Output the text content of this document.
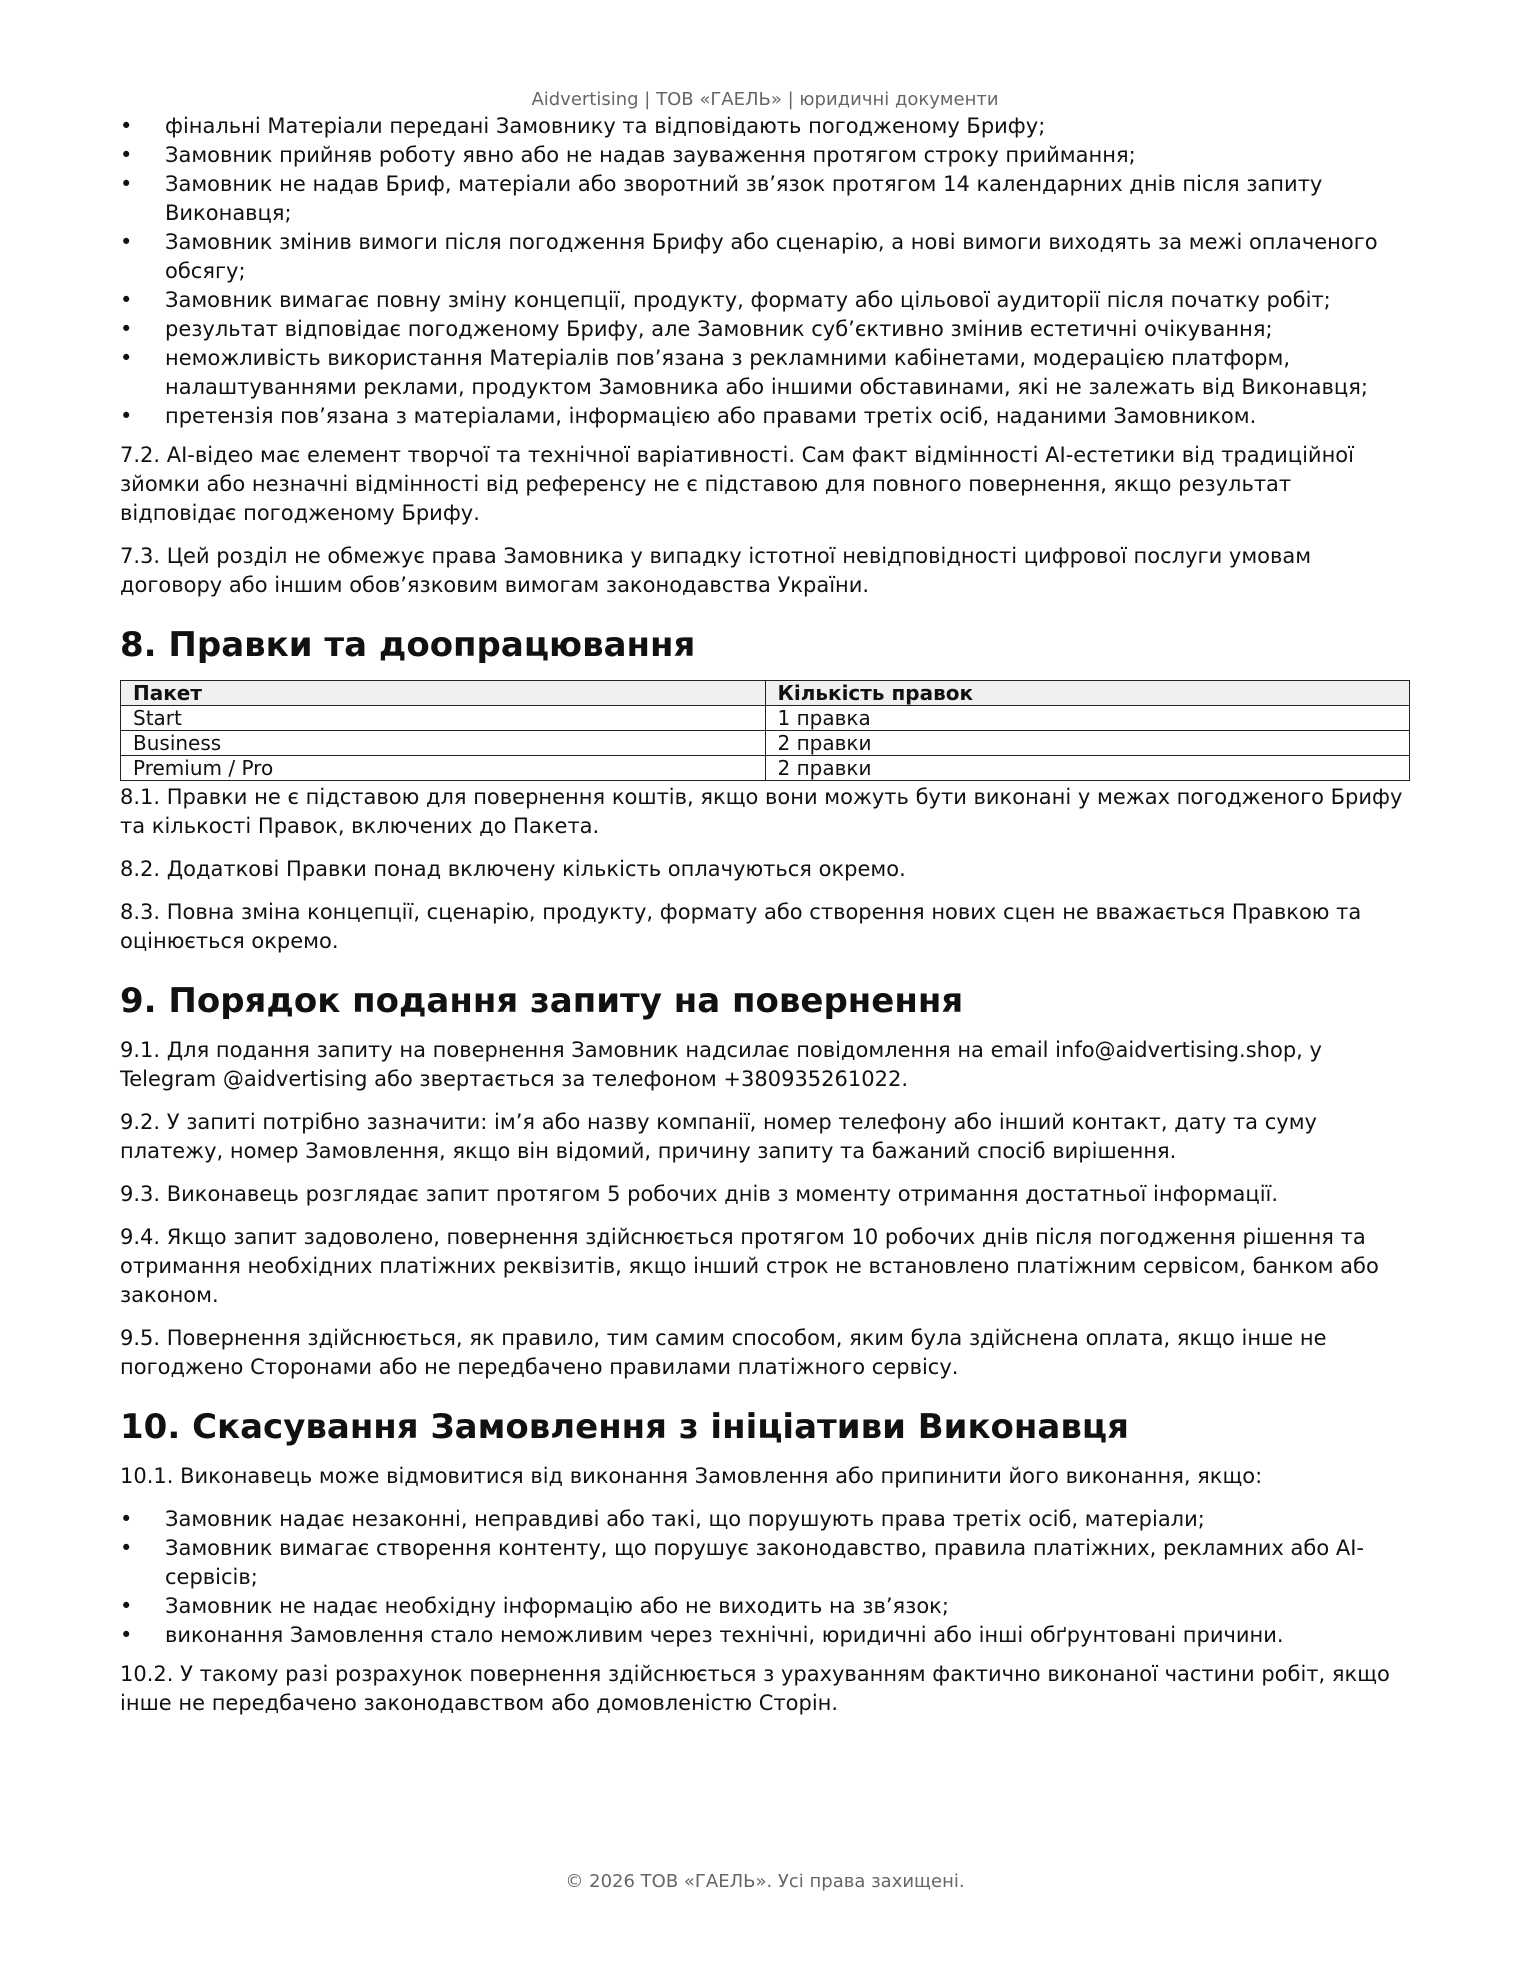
Aidvertising | ТОВ «ГАЕЛЬ» | юридичні документи
• фінальні Матеріали передані Замовнику та відповідають погодженому Брифу;
• Замовник прийняв роботу явно або не надав зауваження протягом строку приймання;
• Замовник не надав Бриф, матеріали або зворотний зв’язок протягом 14 календарних днів після запиту Виконавця;
• Замовник змінив вимоги після погодження Брифу або сценарію, а нові вимоги виходять за межі оплаченого обсягу;
• Замовник вимагає повну зміну концепції, продукту, формату або цільової аудиторії після початку робіт;
• результат відповідає погодженому Брифу, але Замовник суб’єктивно змінив естетичні очікування;
• неможливість використання Матеріалів пов’язана з рекламними кабінетами, модерацією платформ, налаштуваннями реклами, продуктом Замовника або іншими обставинами, які не залежать від Виконавця;
• претензія пов’язана з матеріалами, інформацією або правами третіх осіб, наданими Замовником.

7.2. AI-відео має елемент творчої та технічної варіативності. Сам факт відмінності AI-естетики від традиційної зйомки або незначні відмінності від референсу не є підставою для повного повернення, якщо результат відповідає погодженому Брифу.

7.3. Цей розділ не обмежує права Замовника у випадку істотної невідповідності цифрової послуги умовам договору або іншим обов’язковим вимогам законодавства України.

8. Правки та доопрацювання
Пакет	Кількість правок
Start	1 правка
Business	2 правки
Premium / Pro	2 правки

8.1. Правки не є підставою для повернення коштів, якщо вони можуть бути виконані у межах погодженого Брифу та кількості Правок, включених до Пакета.

8.2. Додаткові Правки понад включену кількість оплачуються окремо.

8.3. Повна зміна концепції, сценарію, продукту, формату або створення нових сцен не вважається Правкою та оцінюється окремо.

9. Порядок подання запиту на повернення

9.1. Для подання запиту на повернення Замовник надсилає повідомлення на email info@aidvertising.shop, у Telegram @aidvertising або звертається за телефоном +380935261022.

9.2. У запиті потрібно зазначити: ім’я або назву компанії, номер телефону або інший контакт, дату та суму платежу, номер Замовлення, якщо він відомий, причину запиту та бажаний спосіб вирішення.

9.3. Виконавець розглядає запит протягом 5 робочих днів з моменту отримання достатньої інформації.

9.4. Якщо запит задоволено, повернення здійснюється протягом 10 робочих днів після погодження рішення та отримання необхідних платіжних реквізитів, якщо інший строк не встановлено платіжним сервісом, банком або законом.

9.5. Повернення здійснюється, як правило, тим самим способом, яким була здійснена оплата, якщо інше не погоджено Сторонами або не передбачено правилами платіжного сервісу.

10. Скасування Замовлення з ініціативи Виконавця

10.1. Виконавець може відмовитися від виконання Замовлення або припинити його виконання, якщо:

• Замовник надає незаконні, неправдиві або такі, що порушують права третіх осіб, матеріали;
• Замовник вимагає створення контенту, що порушує законодавство, правила платіжних, рекламних або AI-сервісів;
• Замовник не надає необхідну інформацію або не виходить на зв’язок;
• виконання Замовлення стало неможливим через технічні, юридичні або інші обґрунтовані причини.

10.2. У такому разі розрахунок повернення здійснюється з урахуванням фактично виконаної частини робіт, якщо інше не передбачено законодавством або домовленістю Сторін.

© 2026 ТОВ «ГАЕЛЬ». Усі права захищені.
